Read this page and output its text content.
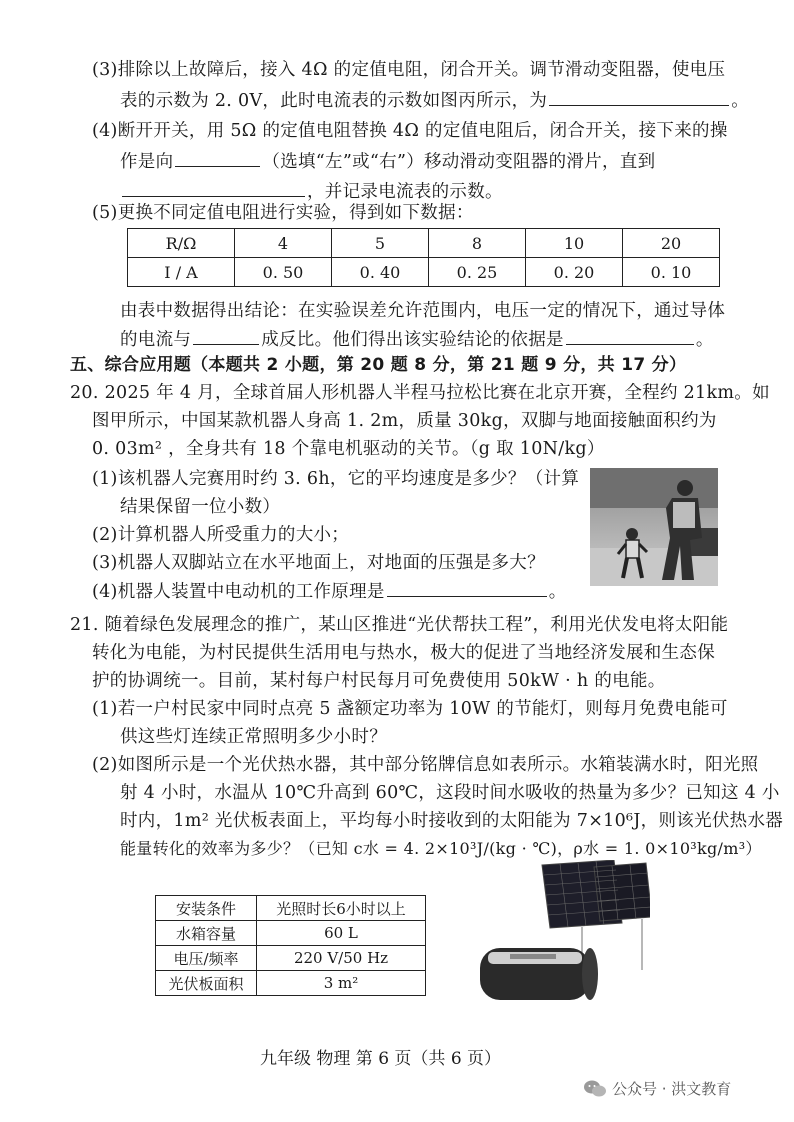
(3)排除以上故障后，接入 4Ω 的定值电阻，闭合开关。调节滑动变阻器，使电压
表的示数为 2. 0V，此时电流表的示数如图丙所示，为	。
(4)断开开关，用 5Ω 的定值电阻替换 4Ω 的定值电阻后，闭合开关，接下来的操
作是向	（选填“左”或“右”）移动滑动变阻器的滑片，直到
，并记录电流表的示数。
(5)更换不同定值电阻进行实验，得到如下数据：
R/Ω	4	5	8	10	20
I / A	0. 50	0. 40	0. 25	0. 20	0. 10
由表中数据得出结论：在实验误差允许范围内，电压一定的情况下，通过导体
的电流与	成反比。他们得出该实验结论的依据是	。
五、综合应用题（本题共 2 小题，第 20 题 8 分，第 21 题 9 分，共 17 分）
20. 2025 年 4 月，全球首届人形机器人半程马拉松比赛在北京开赛，全程约 21km。如
图甲所示，中国某款机器人身高 1. 2m，质量 30kg，双脚与地面接触面积约为
0. 03m² ，全身共有 18 个靠电机驱动的关节。（g 取 10N/kg）
(1)该机器人完赛用时约 3. 6h，它的平均速度是多少？（计算
结果保留一位小数）
(2)计算机器人所受重力的大小；
(3)机器人双脚站立在水平地面上，对地面的压强是多大？
(4)机器人装置中电动机的工作原理是	。
21. 随着绿色发展理念的推广，某山区推进“光伏帮扶工程”，利用光伏发电将太阳能
转化为电能，为村民提供生活用电与热水，极大的促进了当地经济发展和生态保
护的协调统一。目前，某村每户村民每月可免费使用 50kW · h 的电能。
(1)若一户村民家中同时点亮 5 盏额定功率为 10W 的节能灯，则每月免费电能可
供这些灯连续正常照明多少小时？
(2)如图所示是一个光伏热水器，其中部分铭牌信息如表所示。水箱装满水时，阳光照
射 4 小时，水温从 10℃升高到 60℃，这段时间水吸收的热量为多少？已知这 4 小
时内，1m² 光伏板表面上，平均每小时接收到的太阳能为 7×10⁶J，则该光伏热水器
能量转化的效率为多少？（已知 c水 = 4. 2×10³J/(kg · ℃)，ρ水 = 1. 0×10³kg/m³）
安装条件	光照时长6小时以上
水箱容量	60 L
电压/频率	220 V/50 Hz
光伏板面积	3 m²
九年级 物理 第 6 页（共 6 页）
公众号 · 洪文教育
